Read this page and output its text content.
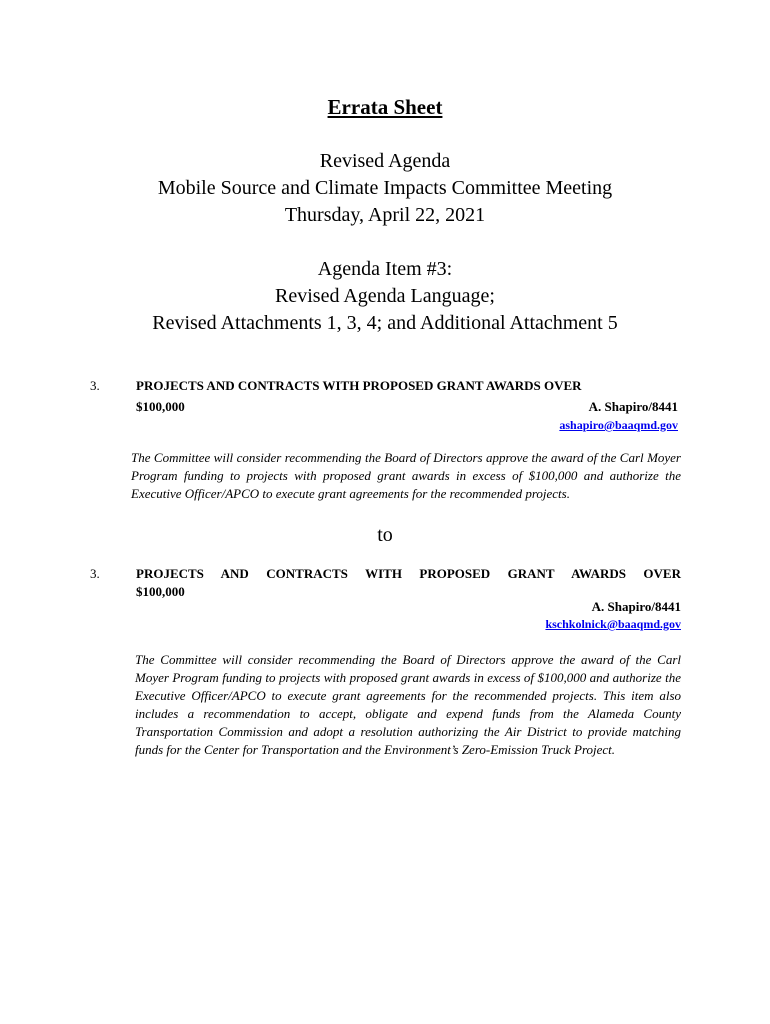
Errata Sheet
Revised Agenda
Mobile Source and Climate Impacts Committee Meeting
Thursday, April 22, 2021
Agenda Item #3:
Revised Agenda Language;
Revised Attachments 1, 3, 4; and Additional Attachment 5
3.	PROJECTS AND CONTRACTS WITH PROPOSED GRANT AWARDS OVER
$100,000	A. Shapiro/8441
ashapiro@baaqmd.gov
The Committee will consider recommending the Board of Directors approve the award of the Carl Moyer Program funding to projects with proposed grant awards in excess of $100,000 and authorize the Executive Officer/APCO to execute grant agreements for the recommended projects.
to
3.	PROJECTS AND CONTRACTS WITH PROPOSED GRANT AWARDS OVER
$100,000
A. Shapiro/8441
kschkolnick@baaqmd.gov
The Committee will consider recommending the Board of Directors approve the award of the Carl Moyer Program funding to projects with proposed grant awards in excess of $100,000 and authorize the Executive Officer/APCO to execute grant agreements for the recommended projects. This item also includes a recommendation to accept, obligate and expend funds from the Alameda County Transportation Commission and adopt a resolution authorizing the Air District to provide matching funds for the Center for Transportation and the Environment’s Zero-Emission Truck Project.
